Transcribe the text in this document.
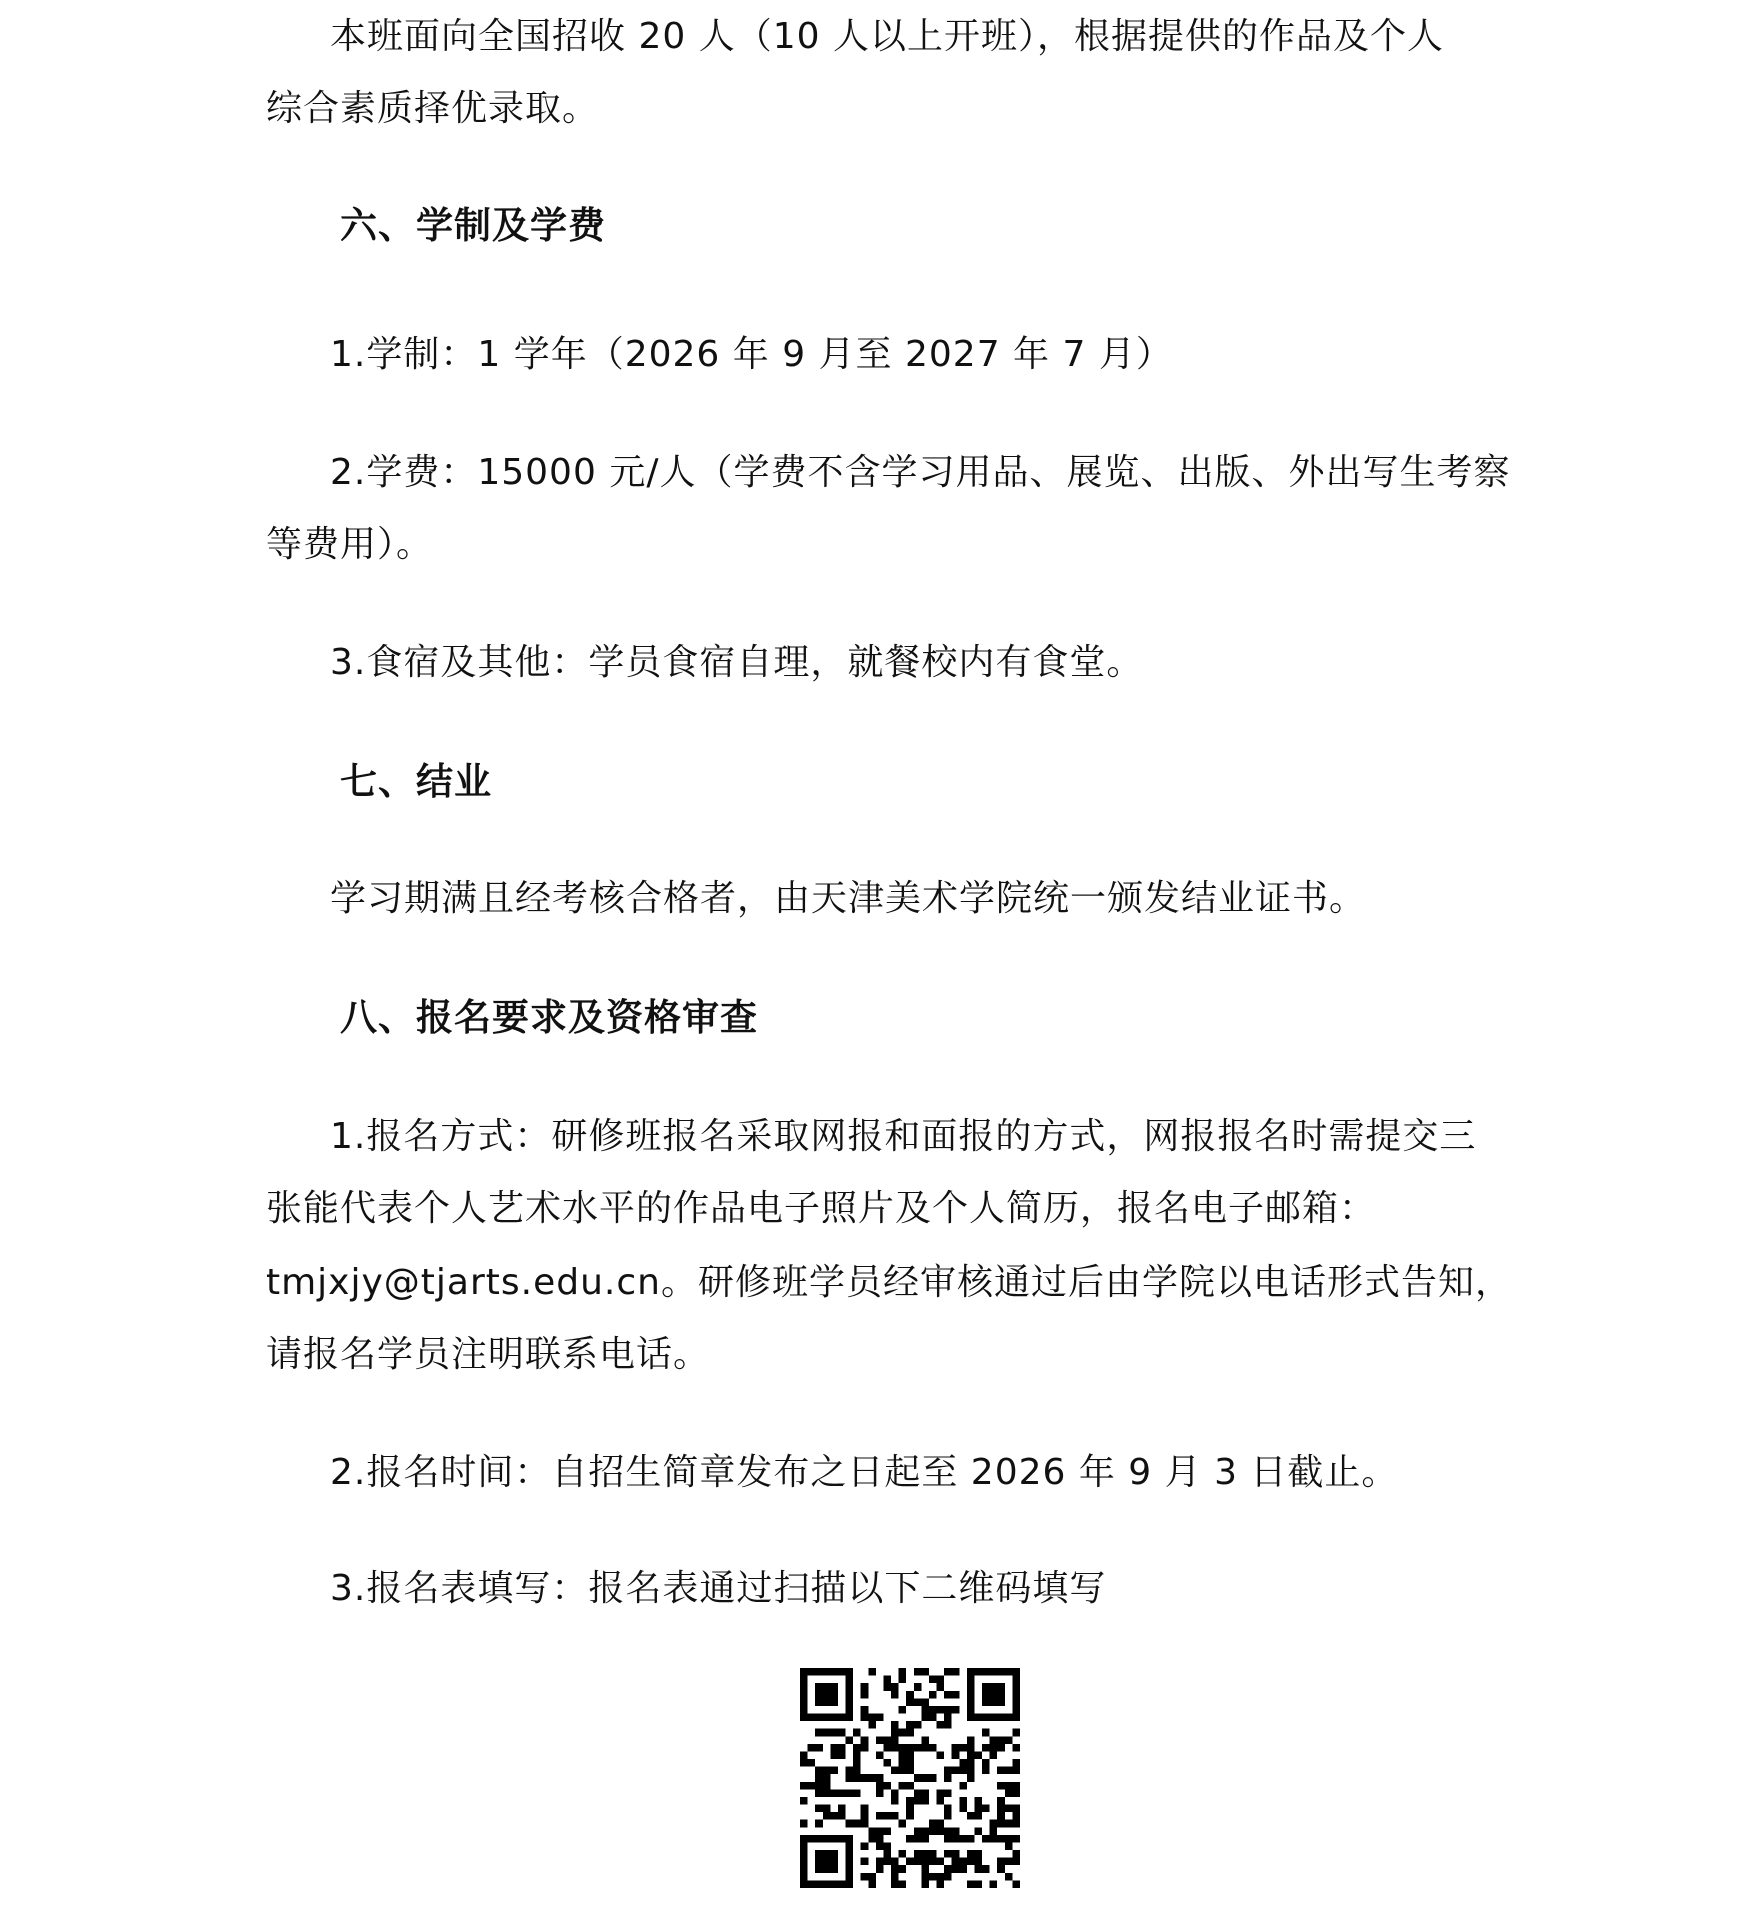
本班面向全国招收 20 人（10 人以上开班），根据提供的作品及个人
综合素质择优录取。
六、学制及学费
1.学制：1 学年（2026 年 9 月至 2027 年 7 月）
2.学费：15000 元/人（学费不含学习用品、展览、出版、外出写生考察
等费用）。
3.食宿及其他：学员食宿自理，就餐校内有食堂。
七、结业
学习期满且经考核合格者，由天津美术学院统一颁发结业证书。
八、报名要求及资格审查
1.报名方式：研修班报名采取网报和面报的方式，网报报名时需提交三
张能代表个人艺术水平的作品电子照片及个人简历，报名电子邮箱：
tmjxjy@tjarts.edu.cn。研修班学员经审核通过后由学院以电话形式告知，
请报名学员注明联系电话。
2.报名时间：自招生简章发布之日起至 2026 年 9 月 3 日截止。
3.报名表填写：报名表通过扫描以下二维码填写
